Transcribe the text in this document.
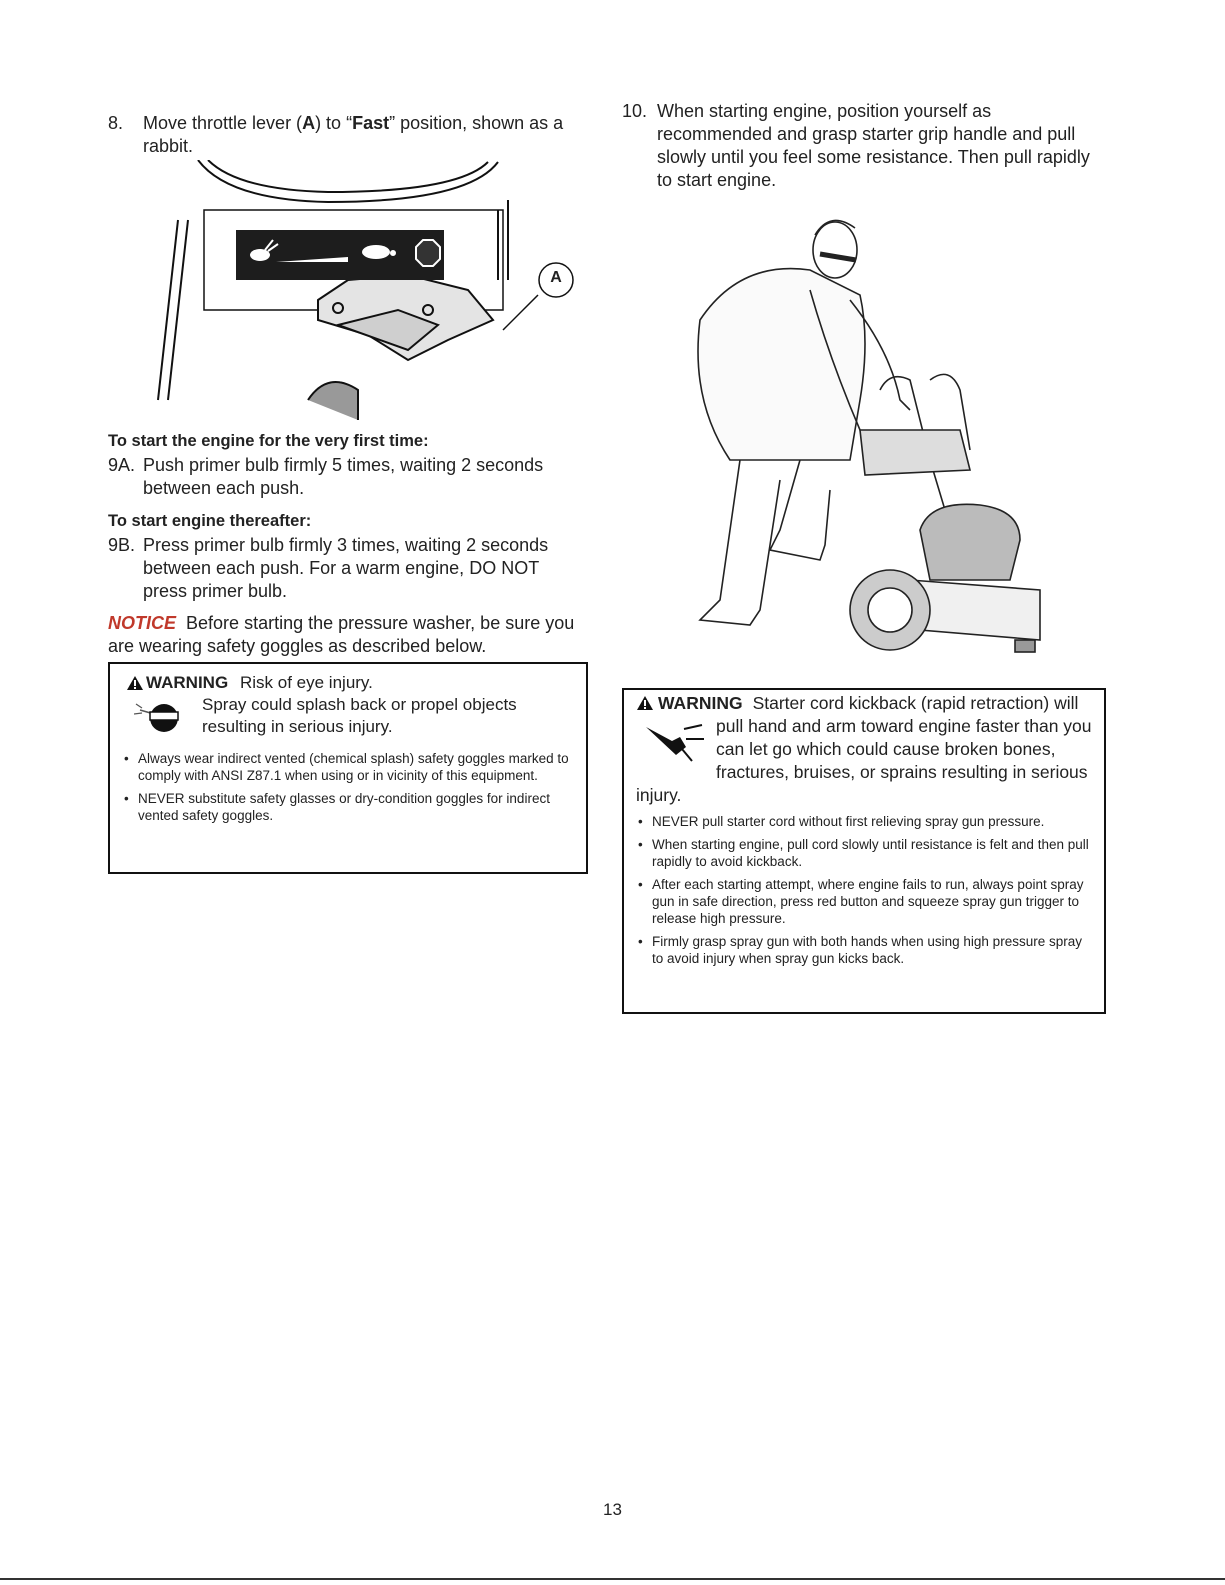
8. Move throttle lever (A) to “Fast” position, shown as a rabbit.
A
To start the engine for the very first time:
9A. Push primer bulb firmly 5 times, waiting 2 seconds between each push.
To start engine thereafter:
9B. Press primer bulb firmly 3 times, waiting 2 seconds between each push. For a warm engine, DO NOT press primer bulb.
NOTICE Before starting the pressure washer, be sure you are wearing safety goggles as described below.
WARNING Risk of eye injury.
Spray could splash back or propel objects resulting in serious injury.
• Always wear indirect vented (chemical splash) safety goggles marked to comply with ANSI Z87.1 when using or in vicinity of this equipment.
• NEVER substitute safety glasses or dry-condition goggles for indirect vented safety goggles.
10. When starting engine, position yourself as recommended and grasp starter grip handle and pull slowly until you feel some resistance. Then pull rapidly to start engine.
WARNING Starter cord kickback (rapid retraction) will pull hand and arm toward engine faster than you can let go which could cause broken bones, fractures, bruises, or sprains resulting in serious injury.
• NEVER pull starter cord without first relieving spray gun pressure.
• When starting engine, pull cord slowly until resistance is felt and then pull rapidly to avoid kickback.
• After each starting attempt, where engine fails to run, always point spray gun in safe direction, press red button and squeeze spray gun trigger to release high pressure.
• Firmly grasp spray gun with both hands when using high pressure spray to avoid injury when spray gun kicks back.
13
